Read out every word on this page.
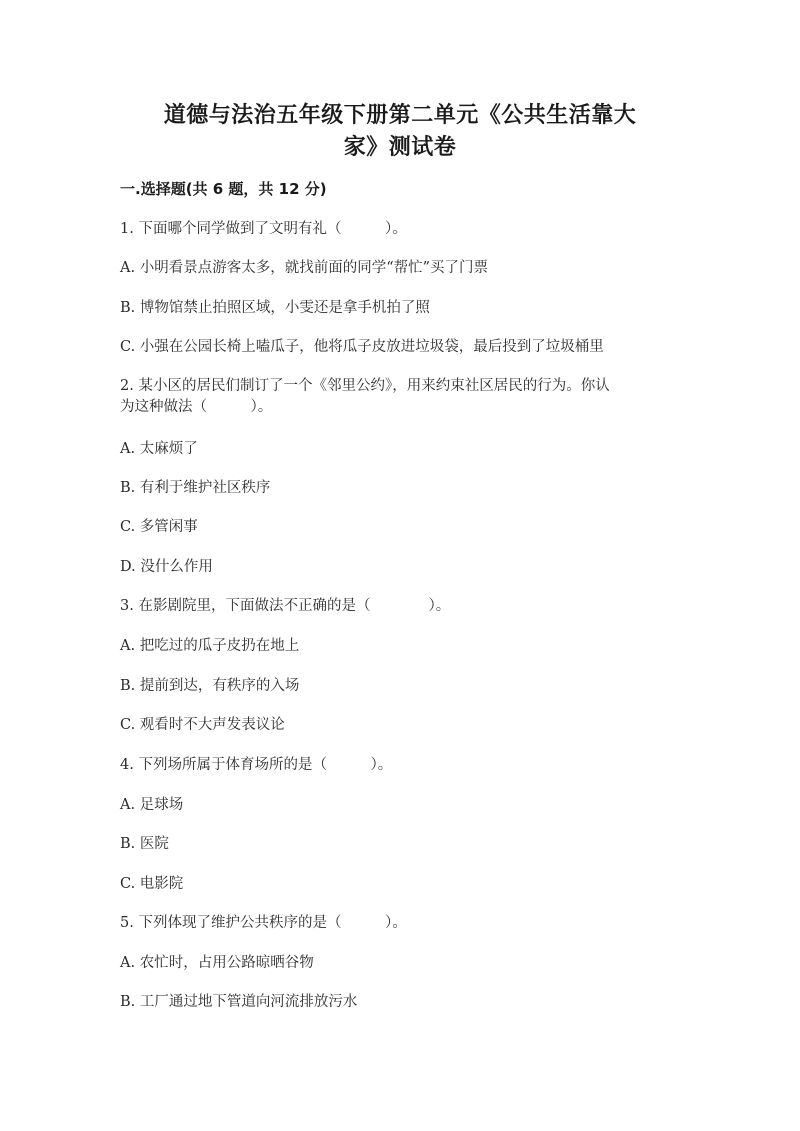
道德与法治五年级下册第二单元《公共生活靠大
家》测试卷
一.选择题(共 6 题，共 12 分)
1. 下面哪个同学做到了文明有礼（　　　）。
A. 小明看景点游客太多，就找前面的同学“帮忙”买了门票
B. 博物馆禁止拍照区域，小雯还是拿手机拍了照
C. 小强在公园长椅上嗑瓜子，他将瓜子皮放进垃圾袋，最后投到了垃圾桶里
2. 某小区的居民们制订了一个《邻里公约》，用来约束社区居民的行为。你认
为这种做法（　　　）。
A. 太麻烦了
B. 有利于维护社区秩序
C. 多管闲事
D. 没什么作用
3. 在影剧院里，下面做法不正确的是（　　　　）。
A. 把吃过的瓜子皮扔在地上
B. 提前到达，有秩序的入场
C. 观看时不大声发表议论
4. 下列场所属于体育场所的是（　　　）。
A. 足球场
B. 医院
C. 电影院
5. 下列体现了维护公共秩序的是（　　　）。
A. 农忙时，占用公路晾晒谷物
B. 工厂通过地下管道向河流排放污水
